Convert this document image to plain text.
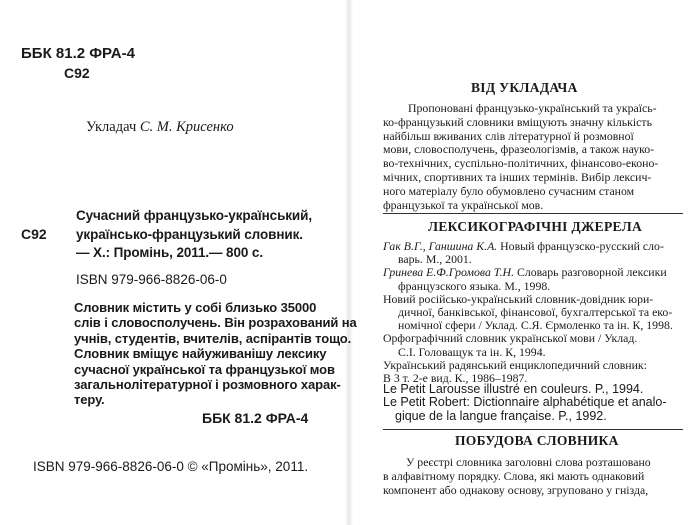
ББК 81.2 ФРА-4
С92
Укладач С. М. Крисенко
С92
Сучасний французько-український,
українсько-французький словник.
— Х.: Промінь, 2011.— 800 с.
ISBN 979-966-8826-06-0
Словник містить у собі близько 35000
слів і словосполучень. Він розрахований на
учнів, студентів, вчителів, аспірантів тощо.
Словник вміщує найуживанішу лексику
сучасної української та французької мов
загальнолітературної і розмовного харак-
теру.
ББК 81.2 ФРА-4
ISBN 979-966-8826-06-0 © «Промінь», 2011.
ВІД УКЛАДАЧА
Пропоновані французько-український та україсь-
ко-французький словники вміщують значну кількість
найбільш вживаних слів літературної й розмовної
мови, словосполучень, фразеологізмів, а також науко-
во-технічних, суспільно-політичних, фінансово-еконо-
мічних, спортивних та інших термінів. Вибір лексич-
ного матеріалу було обумовлено сучасним станом
французької та української мов.
ЛЕКСИКОГРАФІЧНІ ДЖЕРЕЛА
Гак В.Г., Ганшина К.А. Новый французско-русский сло-
варь. М., 2001.
Гринева Е.Ф.Громова Т.Н. Словарь разговорной лексики
французского языка. М., 1998.
Новий російсько-український словник-довідник юри-
дичної, банківської, фінансової, бухгалтерської та еко-
номічної сфери / Уклад. С.Я. Єрмоленко та ін. К, 1998.
Орфографічний словник української мови / Уклад.
С.І. Головащук та ін. К, 1994.
Український радянський енциклопедичний словник:
В 3 т. 2-е вид. К., 1986–1987.
Le Petit Larousse illustré en couleurs. P., 1994.
Le Petit Robert: Dictionnaire alphabétique et analo-
gique de la langue française. P., 1992.
ПОБУДОВА СЛОВНИКА
У реєстрі словника заголовні слова розташовано
в алфавітному порядку. Слова, які мають однаковий
компонент або однакову основу, згруповано у гнізда,
